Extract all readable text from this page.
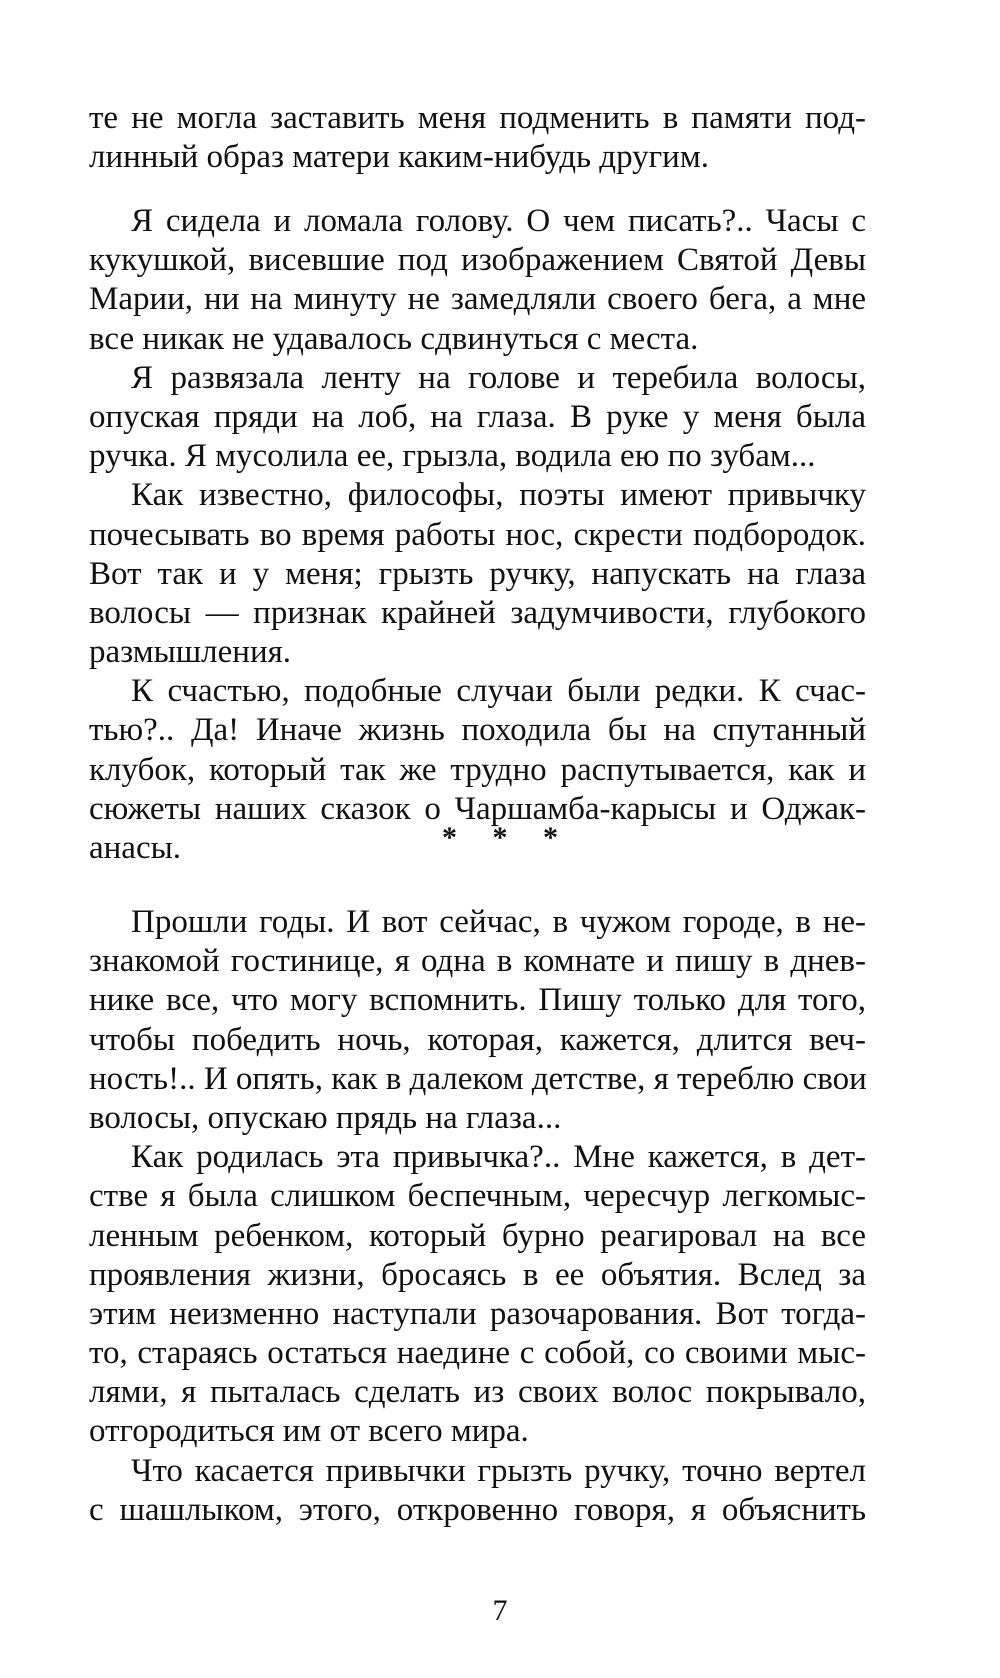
те не могла заставить меня подменить в памяти под-
линный образ матери каким-нибудь другим.
Я сидела и ломала голову. О чем писать?.. Часы с
кукушкой, висевшие под изображением Святой Девы
Марии, ни на минуту не замедляли своего бега, а мне
все никак не удавалось сдвинуться с места.
Я развязала ленту на голове и теребила волосы,
опуская пряди на лоб, на глаза. В руке у меня была
ручка. Я мусолила ее, грызла, водила ею по зубам...
Как известно, философы, поэты имеют привычку
почесывать во время работы нос, скрести подбородок.
Вот так и у меня; грызть ручку, напускать на глаза
волосы — признак крайней задумчивости, глубокого
размышления.
К счастью, подобные случаи были редки. К счас-
тью?.. Да! Иначе жизнь походила бы на спутанный
клубок, который так же трудно распутывается, как и
сюжеты наших сказок о Чаршамба-карысы и Оджак-
анасы.	* * *
Прошли годы. И вот сейчас, в чужом городе, в не-
знакомой гостинице, я одна в комнате и пишу в днев-
нике все, что могу вспомнить. Пишу только для того,
чтобы победить ночь, которая, кажется, длится веч-
ность!.. И опять, как в далеком детстве, я тереблю свои
волосы, опускаю прядь на глаза...
Как родилась эта привычка?.. Мне кажется, в дет-
стве я была слишком беспечным, чересчур легкомыс-
ленным ребенком, который бурно реагировал на все
проявления жизни, бросаясь в ее объятия. Вслед за
этим неизменно наступали разочарования. Вот тогда-
то, стараясь остаться наедине с собой, со своими мыс-
лями, я пыталась сделать из своих волос покрывало,
отгородиться им от всего мира.
Что касается привычки грызть ручку, точно вертел
с шашлыком, этого, откровенно говоря, я объяснить
7
